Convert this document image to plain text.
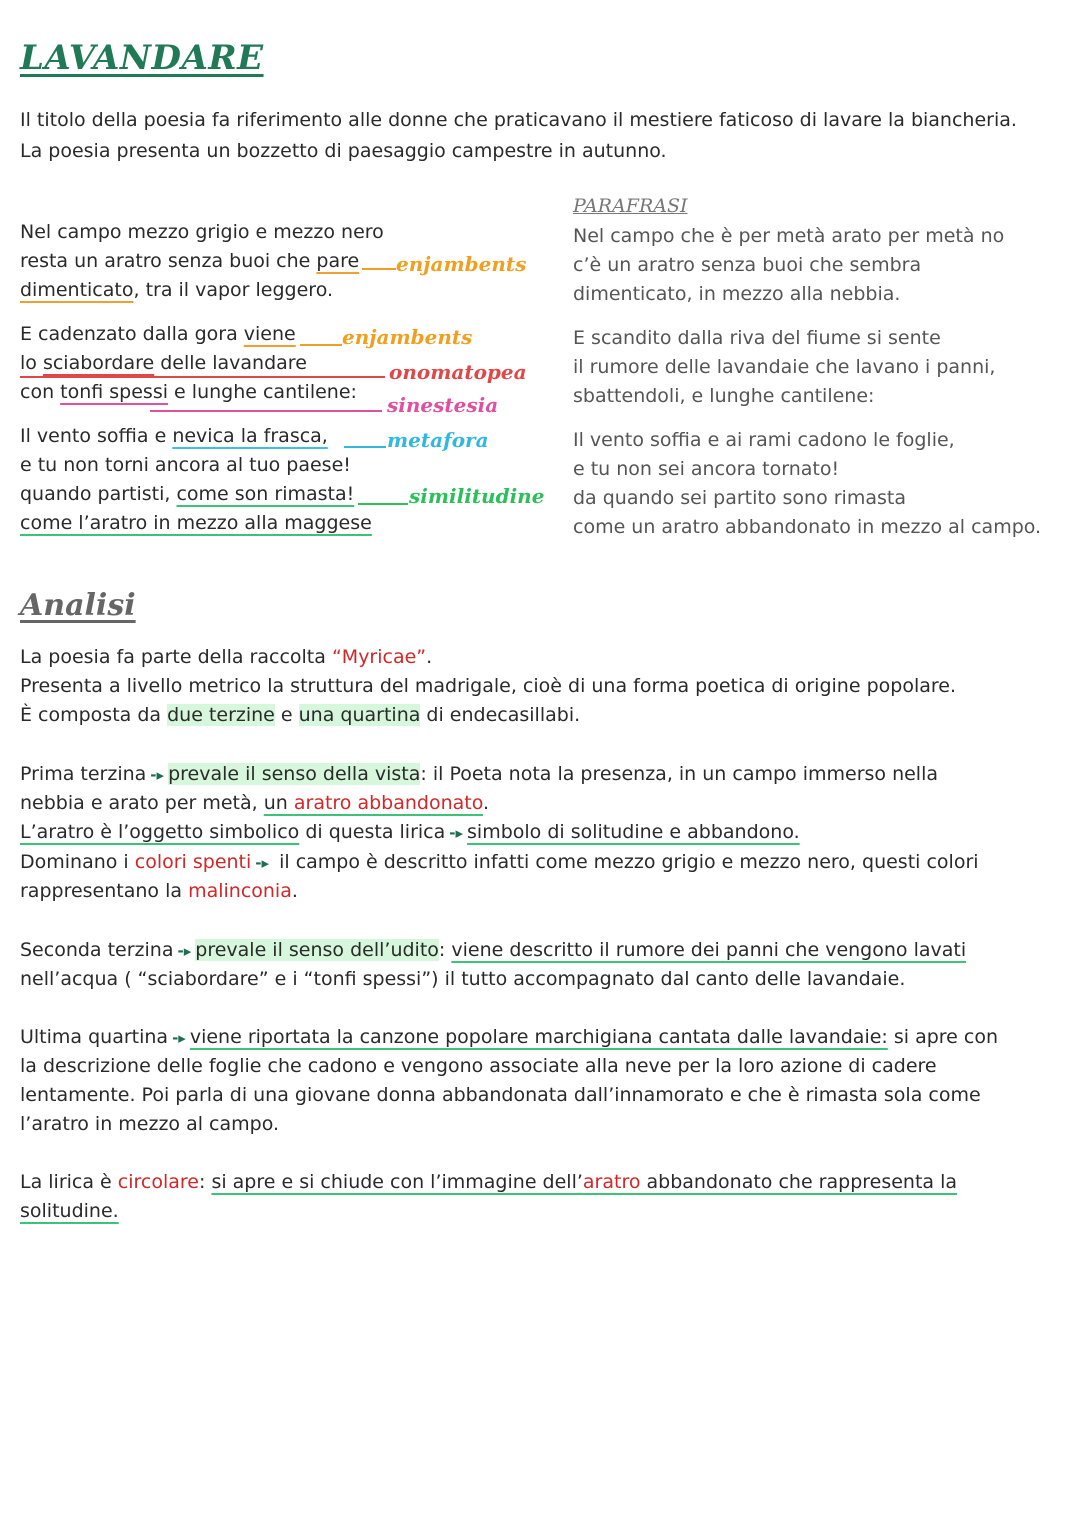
LAVANDARE
Il titolo della poesia fa riferimento alle donne che praticavano il mestiere faticoso di lavare la biancheria.
La poesia presenta un bozzetto di paesaggio campestre in autunno.
Nel campo mezzo grigio e mezzo nero
resta un aratro senza buoi che pare
dimenticato, tra il vapor leggero.
enjambents
E cadenzato dalla gora viene enjambents
lo sciabordare delle lavandare	onomatopea
con tonfi spessi e lunghe cantilene:
sinestesia
Il vento soffia e nevica la frasca,	metafora
e tu non torni ancora al tuo paese!
quando partisti, come son rimasta!	similitudine
come l’aratro in mezzo alla maggese
PARAFRASI
Nel campo che è per metà arato per metà no
c’è un aratro senza buoi che sembra
dimenticato, in mezzo alla nebbia.
E scandito dalla riva del fiume si sente
il rumore delle lavandaie che lavano i panni,
sbattendoli, e lunghe cantilene:
Il vento soffia e ai rami cadono le foglie,
e tu non sei ancora tornato!
da quando sei partito sono rimasta
come un aratro abbandonato in mezzo al campo.
Analisi
La poesia fa parte della raccolta “Myricae”.
Presenta a livello metrico la struttura del madrigale, cioè di una forma poetica di origine popolare.
È composta da due terzine e una quartina di endecasillabi.
Prima terzina -▸ prevale il senso della vista: il Poeta nota la presenza, in un campo immerso nella
nebbia e arato per metà, un aratro abbandonato.
L’aratro è l’oggetto simbolico di questa lirica -▸ simbolo di solitudine e abbandono.
Dominano i colori spenti -▸ il campo è descritto infatti come mezzo grigio e mezzo nero, questi colori
rappresentano la malinconia.
Seconda terzina -▸ prevale il senso dell’udito: viene descritto il rumore dei panni che vengono lavati
nell’acqua ( “sciabordare” e i “tonfi spessi”) il tutto accompagnato dal canto delle lavandaie.
Ultima quartina -▸ viene riportata la canzone popolare marchigiana cantata dalle lavandaie: si apre con
la descrizione delle foglie che cadono e vengono associate alla neve per la loro azione di cadere
lentamente. Poi parla di una giovane donna abbandonata dall’innamorato e che è rimasta sola come
l’aratro in mezzo al campo.
La lirica è circolare: si apre e si chiude con l’immagine dell’aratro abbandonato che rappresenta la
solitudine.
